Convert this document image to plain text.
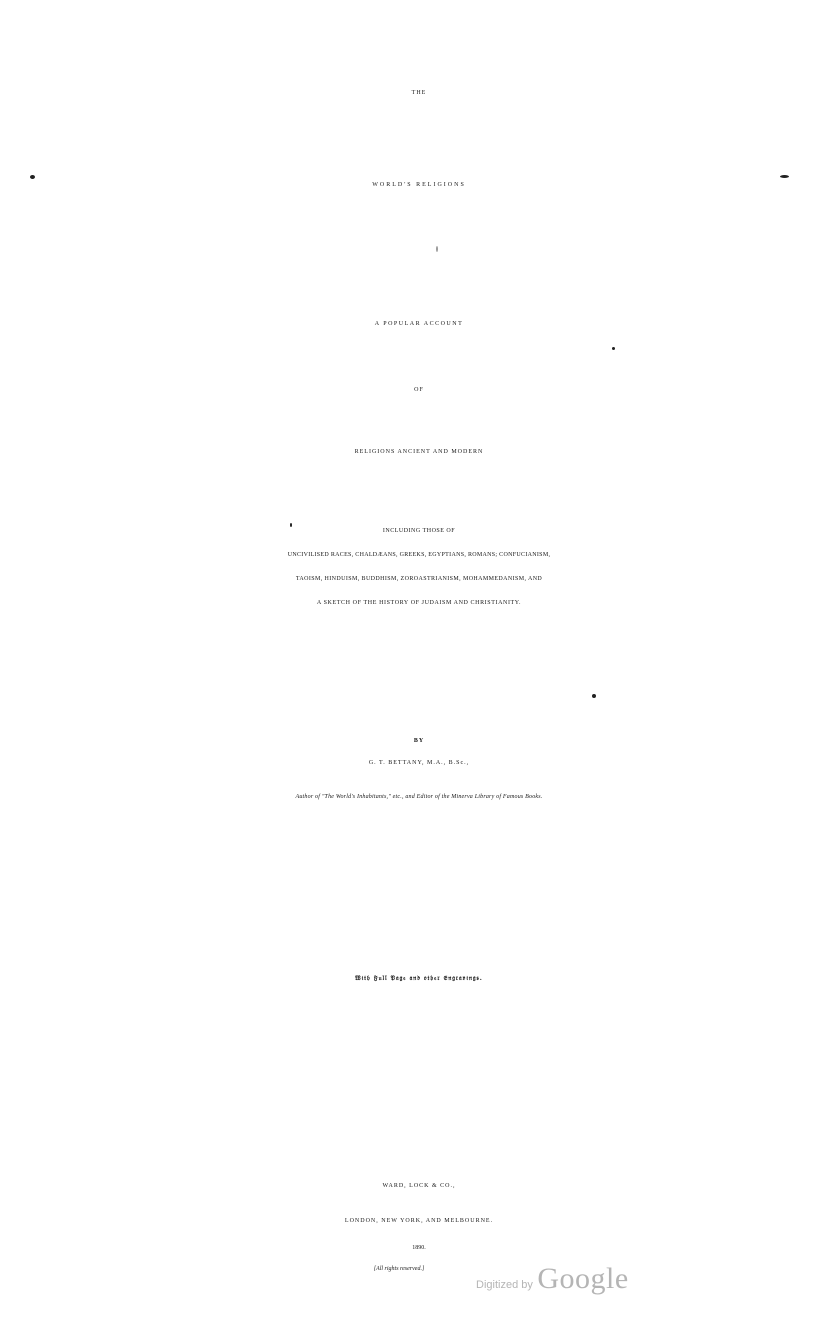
THE
WORLD'S RELIGIONS
A POPULAR ACCOUNT
OF
RELIGIONS ANCIENT AND MODERN
INCLUDING THOSE OF
UNCIVILISED RACES, CHALDÆANS, GREEKS, EGYPTIANS, ROMANS; CONFUCIANISM,
TAOISM, HINDUISM, BUDDHISM, ZOROASTRIANISM, MOHAMMEDANISM, AND
A SKETCH OF THE HISTORY OF JUDAISM AND CHRISTIANITY.
BY
G. T. BETTANY, M.A., B.Sc.,
Author of "The World's Inhabitants," etc., and Editor of the Minerva Library of Famous Books.
𝔚𝔦𝔱𝔥 𝔉𝔲𝔩𝔩 𝔓𝔞𝔤𝔢 𝔞𝔫𝔡 𝔬𝔱𝔥𝔢𝔯 𝔈𝔫𝔤𝔯𝔞𝔳𝔦𝔫𝔤𝔰.
WARD, LOCK & CO.,
LONDON, NEW YORK, AND MELBOURNE.
1890.
[All rights reserved.]
Digitized by Google
